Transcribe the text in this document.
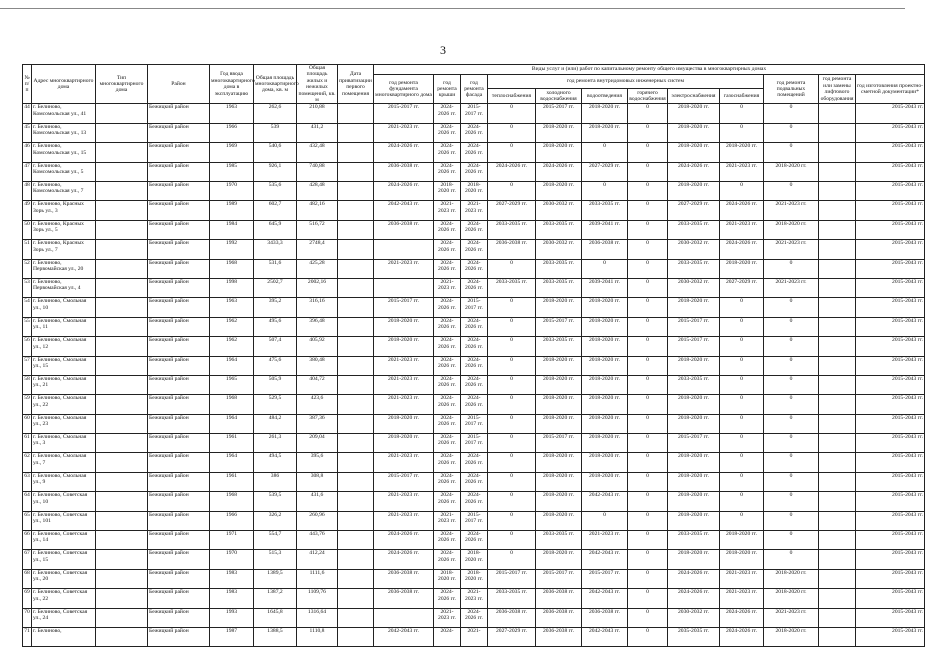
3
№ п/п	Адрес многоквартирного дома	Тип многоквартирного дома	Район	Год ввода многоквартирного дома в эксплуатацию	Общая площадь многоквартирного дома, кв. м	Общая площадь жилых и нежилых помещений, кв. м	Дата приватизации первого помещения	Виды услуг и (или) работ по капитальному ремонту общего имущества в многоквартирных домах											
								год ремонта фундамента многоквартирного дома	год ремонта крыши	год ремонта фасада	год ремонта внутридомовых инженерных систем						год ремонта подвальных помещений	год ремонта или замены лифтового оборудования	год изготовления проектно-сметной документации*
											теплоснабжения	холодного водоснабжения	водоотведения	горячего водоснабжения	электроснабжения	газоснабжения			
44	г. Белиново, Комсомольская ул., 41		Бежицкий район	1963	262,6	210,88		2015-2017 гг.	2024-2026 гг.	2015-2017 гг.	0	2015-2017 гг.	2018-2020 гг.	0	2018-2020 гг.	0	0		2015-2043 гг.
45	г. Белиново, Комсомольская ул., 13		Бежицкий район	1966	539	431,2		2021-2023 гг.	2024-2026 гг.	2024-2026 гг.	0	2018-2020 гг.	2018-2020 гг.	0	2018-2020 гг.	0	0		2015-2043 гг.
46	г. Белиново, Комсомольская ул., 15		Бежицкий район	1969	540,6	432,48		2024-2026 гг.	2024-2026 гг.	2024-2026 гг.	0	2018-2020 гг.	0	0	2018-2020 гг.	2018-2020 гг.	0		2015-2043 гг.
47	г. Белиново, Комсомольская ул., 5		Бежицкий район	1985	926,1	740,88		2036-2038 гг.	2024-2026 гг.	2024-2026 гг.	2024-2026 гг.	2024-2026 гг.	2027-2029 гг.	0	2024-2026 гг.	2021-2023 гг.	2018-2020 гг.		2015-2043 гг.
48	г. Белиново, Комсомольская ул., 7		Бежицкий район	1970	535,6	428,48		2024-2026 гг.	2018-2020 гг.	2018-2020 гг.	0	2018-2020 гг.	0	0	2018-2020 гг.	0	0		2015-2043 гг.
49	г. Белиново, Красных Зорь ул., 3		Бежицкий район	1989	602,7	482,16		2042-2043 гг.	2021-2023 гг.	2021-2023 гг.	2027-2029 гг.	2030-2032 гг.	2033-2035 гг.	0	2027-2029 гг.	2024-2026 гг.	2021-2023 гг.		2015-2043 гг.
50	г. Белиново, Красных Зорь ул., 5		Бежицкий район	1984	645,9	516,72		2036-2038 гг.	2024-2026 гг.	2024-2026 гг.	2033-2035 гг.	2033-2035 гг.	2039-2041 гг.	0	2033-2035 гг.	2021-2023 гг.	2018-2020 гг.		2015-2043 гг.
51	г. Белиново, Красных Зорь ул., 7		Бежицкий район	1992	3433,3	2748,4			2024-2026 гг.	2024-2026 гг.	2036-2038 гг.	2030-2032 гг.	2036-2038 гг.	0	2030-2032 гг.	2024-2026 гг.	2021-2023 гг.		2015-2043 гг.
52	г. Белиново, Первомайская ул., 20		Бежицкий район	1968	531,6	425,28		2021-2023 гг.	2024-2026 гг.	2024-2026 гг.	0	2033-2035 гг.	0	0	2033-2035 гг.	2018-2020 гг.	0		2015-2043 гг.
53	г. Белиново, Первомайская ул., 4		Бежицкий район	1998	2502,7	2002,16			2021-2023 гг.	2024-2026 гг.	2033-2035 гг.	2033-2035 гг.	2039-2041 гг.	0	2030-2032 гг.	2027-2029 гг.	2021-2023 гг.		2015-2043 гг.
54	г. Белиново, Смольная ул., 10		Бежицкий район	1963	395,2	316,16		2015-2017 гг.	2024-2026 гг.	2015-2017 гг.	0	2018-2020 гг.	2018-2020 гг.	0	2018-2020 гг.	0	0		2015-2043 гг.
55	г. Белиново, Смольная ул., 11		Бежицкий район	1962	495,6	396,48		2018-2020 гг.	2024-2026 гг.	2024-2026 гг.	0	2015-2017 гг.	2018-2020 гг.	0	2015-2017 гг.	0	0		2015-2043 гг.
56	г. Белиново, Смольная ул., 12		Бежицкий район	1962	507,4	405,92		2018-2020 гг.	2024-2026 гг.	2024-2026 гг.	0	2033-2035 гг.	2018-2020 гг.	0	2015-2017 гг.	0	0		2015-2043 гг.
57	г. Белиново, Смольная ул., 15		Бежицкий район	1964	475,6	380,48		2021-2023 гг.	2024-2026 гг.	2024-2026 гг.	0	2018-2020 гг.	2018-2020 гг.	0	2018-2020 гг.	0	0		2015-2043 гг.
58	г. Белиново, Смольная ул., 21		Бежицкий район	1965	505,9	404,72		2021-2023 гг.	2024-2026 гг.	2024-2026 гг.	0	2018-2020 гг.	2018-2020 гг.	0	2033-2035 гг.	0	0		2015-2043 гг.
59	г. Белиново, Смольная ул., 22		Бежицкий район	1968	529,5	423,6		2021-2023 гг.	2024-2026 гг.	2024-2026 гг.	0	2018-2020 гг.	2018-2020 гг.	0	2018-2020 гг.	0	0		2015-2043 гг.
60	г. Белиново, Смольная ул., 23		Бежицкий район	1964	484,2	387,36		2018-2020 гг.	2024-2026 гг.	2015-2017 гг.	0	2018-2020 гг.	2018-2020 гг.	0	2018-2020 гг.	0	0		2015-2043 гг.
61	г. Белиново, Смольная ул., 3		Бежицкий район	1961	261,3	209,04		2018-2020 гг.	2024-2026 гг.	2015-2017 гг.	0	2015-2017 гг.	2018-2020 гг.	0	2015-2017 гг.	0	0		2015-2043 гг.
62	г. Белиново, Смольная ул., 7		Бежицкий район	1964	494,5	395,6		2021-2023 гг.	2024-2026 гг.	2024-2026 гг.	0	2018-2020 гг.	2018-2020 гг.	0	2018-2020 гг.	0	0		2015-2043 гг.
63	г. Белиново, Смольная ул., 9		Бежицкий район	1961	386	308,8		2015-2017 гг.	2024-2026 гг.	2024-2026 гг.	0	2018-2020 гг.	2018-2020 гг.	0	2018-2020 гг.	0	0		2015-2043 гг.
64	г. Белиново, Советская ул., 10		Бежицкий район	1968	539,5	431,6		2021-2023 гг.	2024-2026 гг.	2024-2026 гг.	0	2018-2020 гг.	2042-2043 гг.	0	2018-2020 гг.	0	0		2015-2043 гг.
65	г. Белиново, Советская ул., 101		Бежицкий район	1966	326,2	260,96		2021-2023 гг.	2021-2023 гг.	2015-2017 гг.	0	2018-2020 гг.	0	0	2018-2020 гг.	0	0		2015-2043 гг.
66	г. Белиново, Советская ул., 14		Бежицкий район	1971	554,7	443,76		2024-2026 гг.	2024-2026 гг.	2024-2026 гг.	0	2033-2035 гг.	2021-2023 гг.	0	2033-2035 гг.	2018-2020 гг.	0		2015-2043 гг.
67	г. Белиново, Советская ул., 15		Бежицкий район	1970	515,3	412,24		2024-2026 гг.	2024-2026 гг.	2018-2020 гг.	0	2018-2020 гг.	2042-2043 гг.	0	2018-2020 гг.	2018-2020 гг.	0		2015-2043 гг.
68	г. Белиново, Советская ул., 20		Бежицкий район	1983	1389,5	1111,6		2036-2038 гг.	2018-2020 гг.	2018-2020 гг.	2015-2017 гг.	2015-2017 гг.	2015-2017 гг.	0	2024-2026 гг.	2021-2023 гг.	2018-2020 гг.		2015-2043 гг.
69	г. Белиново, Советская ул., 22		Бежицкий район	1983	1387,2	1109,76		2036-2038 гг.	2024-2026 гг.	2021-2023 гг.	2033-2035 гг.	2036-2038 гг.	2042-2043 гг.	0	2024-2026 гг.	2021-2023 гг.	2018-2020 гг.		2015-2043 гг.
70	г. Белиново, Советская ул., 24		Бежицкий район	1993	1645,8	1316,64			2021-2023 гг.	2024-2026 гг.	2036-2038 гг.	2036-2038 гг.	2036-2038 гг.	0	2030-2032 гг.	2024-2026 гг.	2021-2023 гг.		2015-2043 гг.
71	г. Белиново,		Бежицкий район	1987	1388,5	1110,8		2042-2043 гг.	2024-	2021-	2027-2029 гг.	2036-2038 гг.	2042-2043 гг.	0	2035-2035 гг.	2024-2026 гг.	2018-2020 гг.		2015-2043 гг.
